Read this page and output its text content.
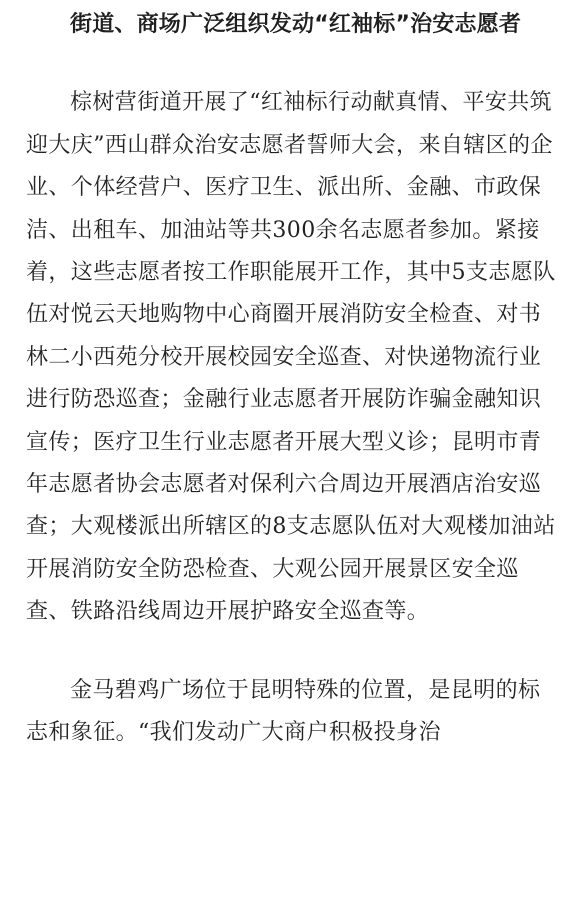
街道、商场广泛组织发动“红袖标”治安志愿者

棕树营街道开展了“红袖标行动献真情、平安共筑迎大庆”西山群众治安志愿者誓师大会，来自辖区的企业、个体经营户、医疗卫生、派出所、金融、市政保洁、出租车、加油站等共300余名志愿者参加。紧接着，这些志愿者按工作职能展开工作，其中5支志愿队伍对悦云天地购物中心商圈开展消防安全检查、对书林二小西苑分校开展校园安全巡查、对快递物流行业进行防恐巡查；金融行业志愿者开展防诈骗金融知识宣传；医疗卫生行业志愿者开展大型义诊；昆明市青年志愿者协会志愿者对保利六合周边开展酒店治安巡查；大观楼派出所辖区的8支志愿队伍对大观楼加油站开展消防安全防恐检查、大观公园开展景区安全巡查、铁路沿线周边开展护路安全巡查等。

金马碧鸡广场位于昆明特殊的位置，是昆明的标志和象征。“我们发动广大商户积极投身治
